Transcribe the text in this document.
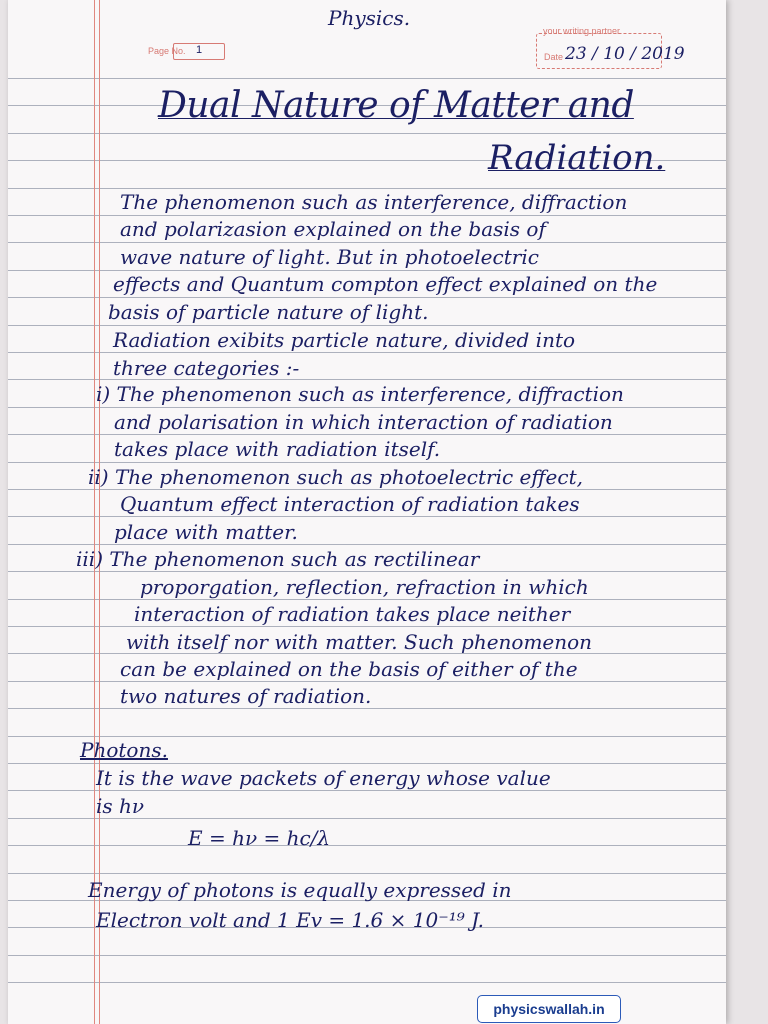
Physics.
Page No. 1
your writing partner
Date 23 / 10 / 2019
Dual Nature of Matter and
Radiation.
The phenomenon such as interference, diffraction
and polarizasion explained on the basis of
wave nature of light. But in photoelectric
effects and Quantum compton effect explained on the
basis of particle nature of light.
Radiation exibits particle nature, divided into
three categories :-
i) The phenomenon such as interference, diffraction
and polarisation in which interaction of radiation
takes place with radiation itself.
ii) The phenomenon such as photoelectric effect,
Quantum effect interaction of radiation takes
place with matter.
iii) The phenomenon such as rectilinear
proporgation, reflection, refraction in which
interaction of radiation takes place neither
with itself nor with matter. Such phenomenon
can be explained on the basis of either of the
two natures of radiation.
Photons.
It is the wave packets of energy whose value
is hν
E = hν = hc/λ
Energy of photons is equally expressed in
Electron volt and 1 Ev = 1.6 × 10⁻¹⁹ J.
physicswallah.in
